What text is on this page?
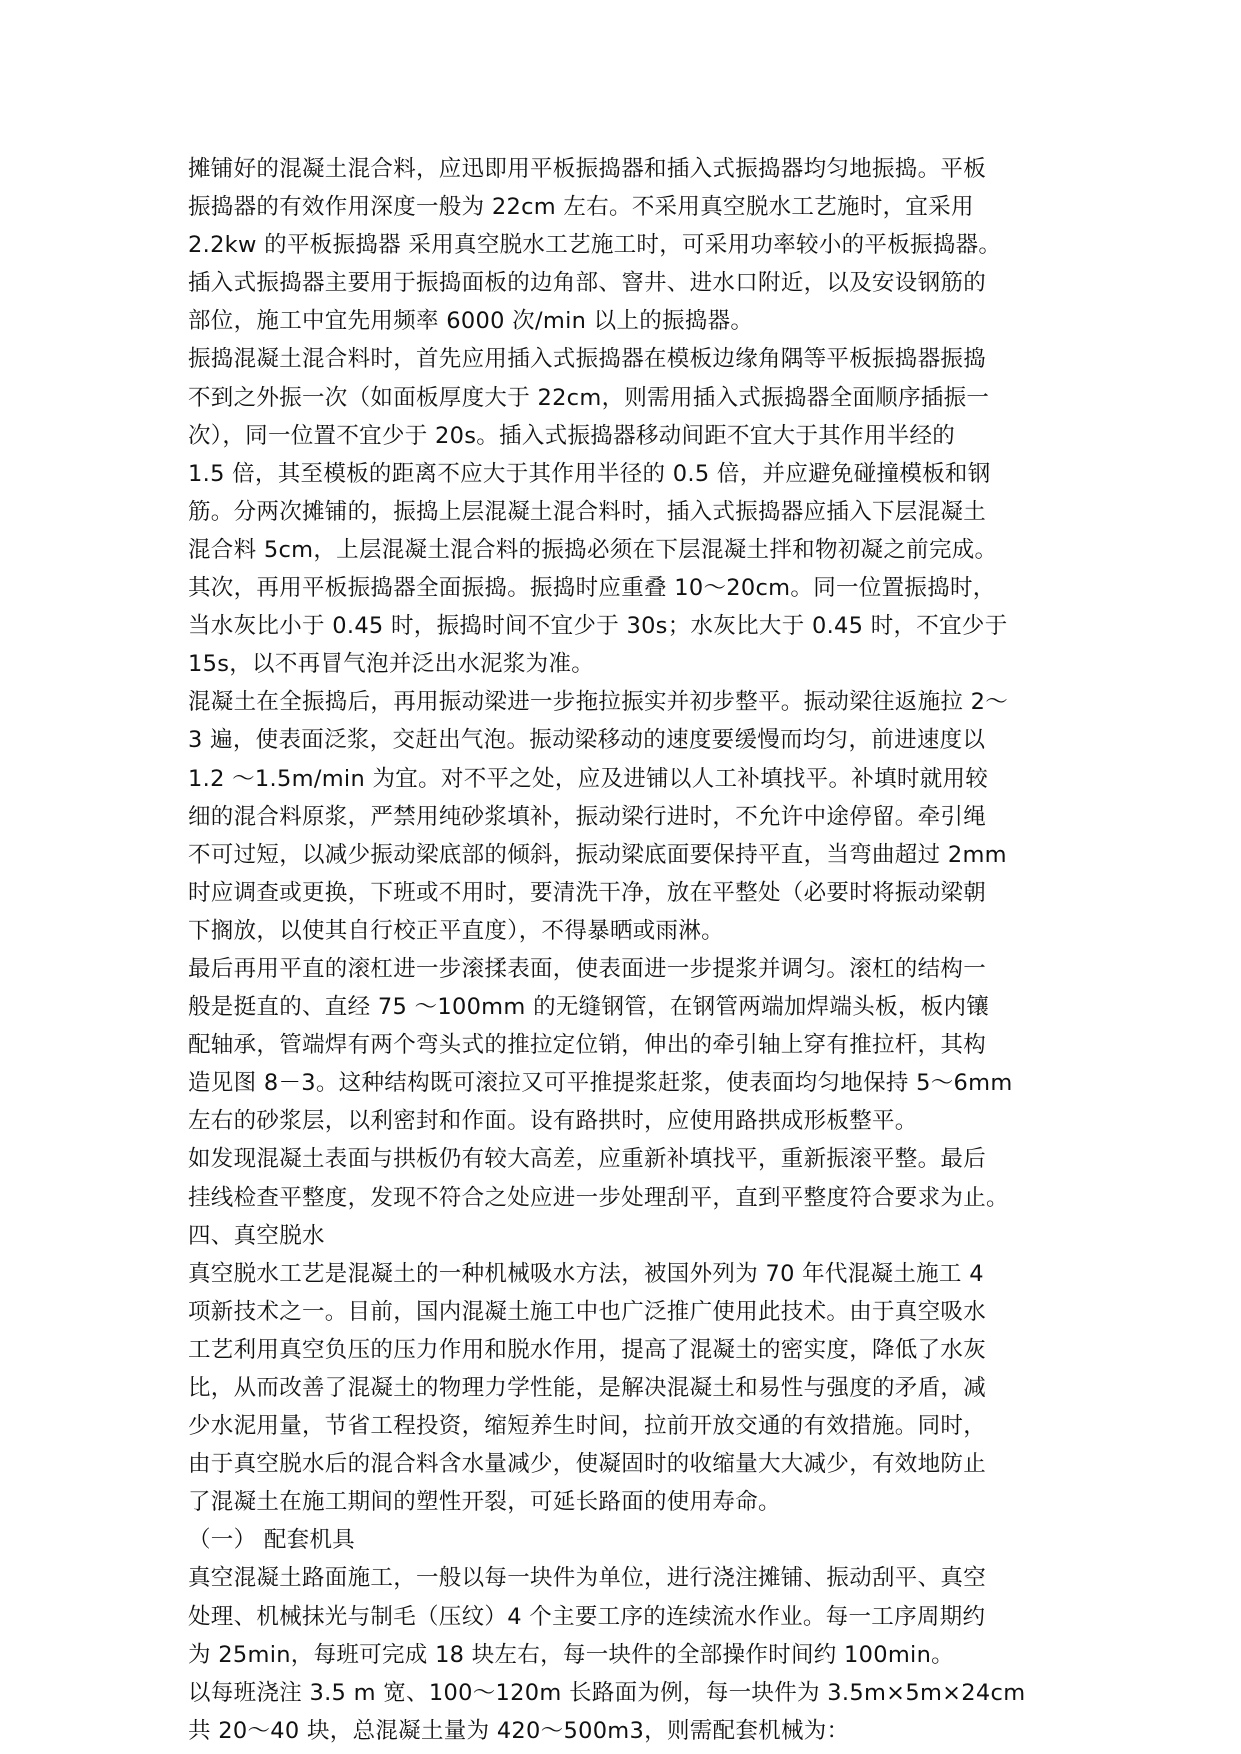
摊铺好的混凝土混合料，应迅即用平板振捣器和插入式振捣器均匀地振捣。平板
振捣器的有效作用深度一般为 22cm 左右。不采用真空脱水工艺施时，宜采用
2.2kw 的平板振捣器 采用真空脱水工艺施工时，可采用功率较小的平板振捣器。
插入式振捣器主要用于振捣面板的边角部、窨井、进水口附近，以及安设钢筋的
部位，施工中宜先用频率 6000 次/min 以上的振捣器。
振捣混凝土混合料时，首先应用插入式振捣器在模板边缘角隅等平板振捣器振捣
不到之外振一次（如面板厚度大于 22cm，则需用插入式振捣器全面顺序插振一
次），同一位置不宜少于 20s。插入式振捣器移动间距不宜大于其作用半经的
1.5 倍，其至模板的距离不应大于其作用半径的 0.5 倍，并应避免碰撞模板和钢
筋。分两次摊铺的，振捣上层混凝土混合料时，插入式振捣器应插入下层混凝土
混合料 5cm，上层混凝土混合料的振捣必须在下层混凝土拌和物初凝之前完成。
其次，再用平板振捣器全面振捣。振捣时应重叠 10～20cm。同一位置振捣时，
当水灰比小于 0.45 时，振捣时间不宜少于 30s；水灰比大于 0.45 时，不宜少于
15s，以不再冒气泡并泛出水泥浆为准。
混凝土在全振捣后，再用振动梁进一步拖拉振实并初步整平。振动梁往返施拉 2～
3 遍，使表面泛浆，交赶出气泡。振动梁移动的速度要缓慢而均匀，前进速度以
1.2 ～1.5m/min 为宜。对不平之处，应及进铺以人工补填找平。补填时就用较
细的混合料原浆，严禁用纯砂浆填补，振动梁行进时，不允许中途停留。牵引绳
不可过短，以减少振动梁底部的倾斜，振动梁底面要保持平直，当弯曲超过 2mm
时应调查或更换，下班或不用时，要清洗干净，放在平整处（必要时将振动梁朝
下搁放，以使其自行校正平直度），不得暴晒或雨淋。
最后再用平直的滚杠进一步滚揉表面，使表面进一步提浆并调匀。滚杠的结构一
般是挺直的、直经 75 ～100mm 的无缝钢管，在钢管两端加焊端头板，板内镶
配轴承，管端焊有两个弯头式的推拉定位销，伸出的牵引轴上穿有推拉杆，其构
造见图 8－3。这种结构既可滚拉又可平推提浆赶浆，使表面均匀地保持 5～6mm
左右的砂浆层，以利密封和作面。设有路拱时，应使用路拱成形板整平。
如发现混凝土表面与拱板仍有较大高差，应重新补填找平，重新振滚平整。最后
挂线检查平整度，发现不符合之处应进一步处理刮平，直到平整度符合要求为止。
四、真空脱水
真空脱水工艺是混凝土的一种机械吸水方法，被国外列为 70 年代混凝土施工 4
项新技术之一。目前，国内混凝土施工中也广泛推广使用此技术。由于真空吸水
工艺利用真空负压的压力作用和脱水作用，提高了混凝土的密实度，降低了水灰
比，从而改善了混凝土的物理力学性能，是解决混凝土和易性与强度的矛盾，减
少水泥用量，节省工程投资，缩短养生时间，拉前开放交通的有效措施。同时，
由于真空脱水后的混合料含水量减少，使凝固时的收缩量大大减少，有效地防止
了混凝土在施工期间的塑性开裂，可延长路面的使用寿命。
（一） 配套机具
真空混凝土路面施工，一般以每一块件为单位，进行浇注摊铺、振动刮平、真空
处理、机械抹光与制毛（压纹）4 个主要工序的连续流水作业。每一工序周期约
为 25min，每班可完成 18 块左右，每一块件的全部操作时间约 100min。
以每班浇注 3.5 m 宽、100～120m 长路面为例，每一块件为 3.5m×5m×24cm
共 20～40 块，总混凝土量为 420～500m3，则需配套机械为：
